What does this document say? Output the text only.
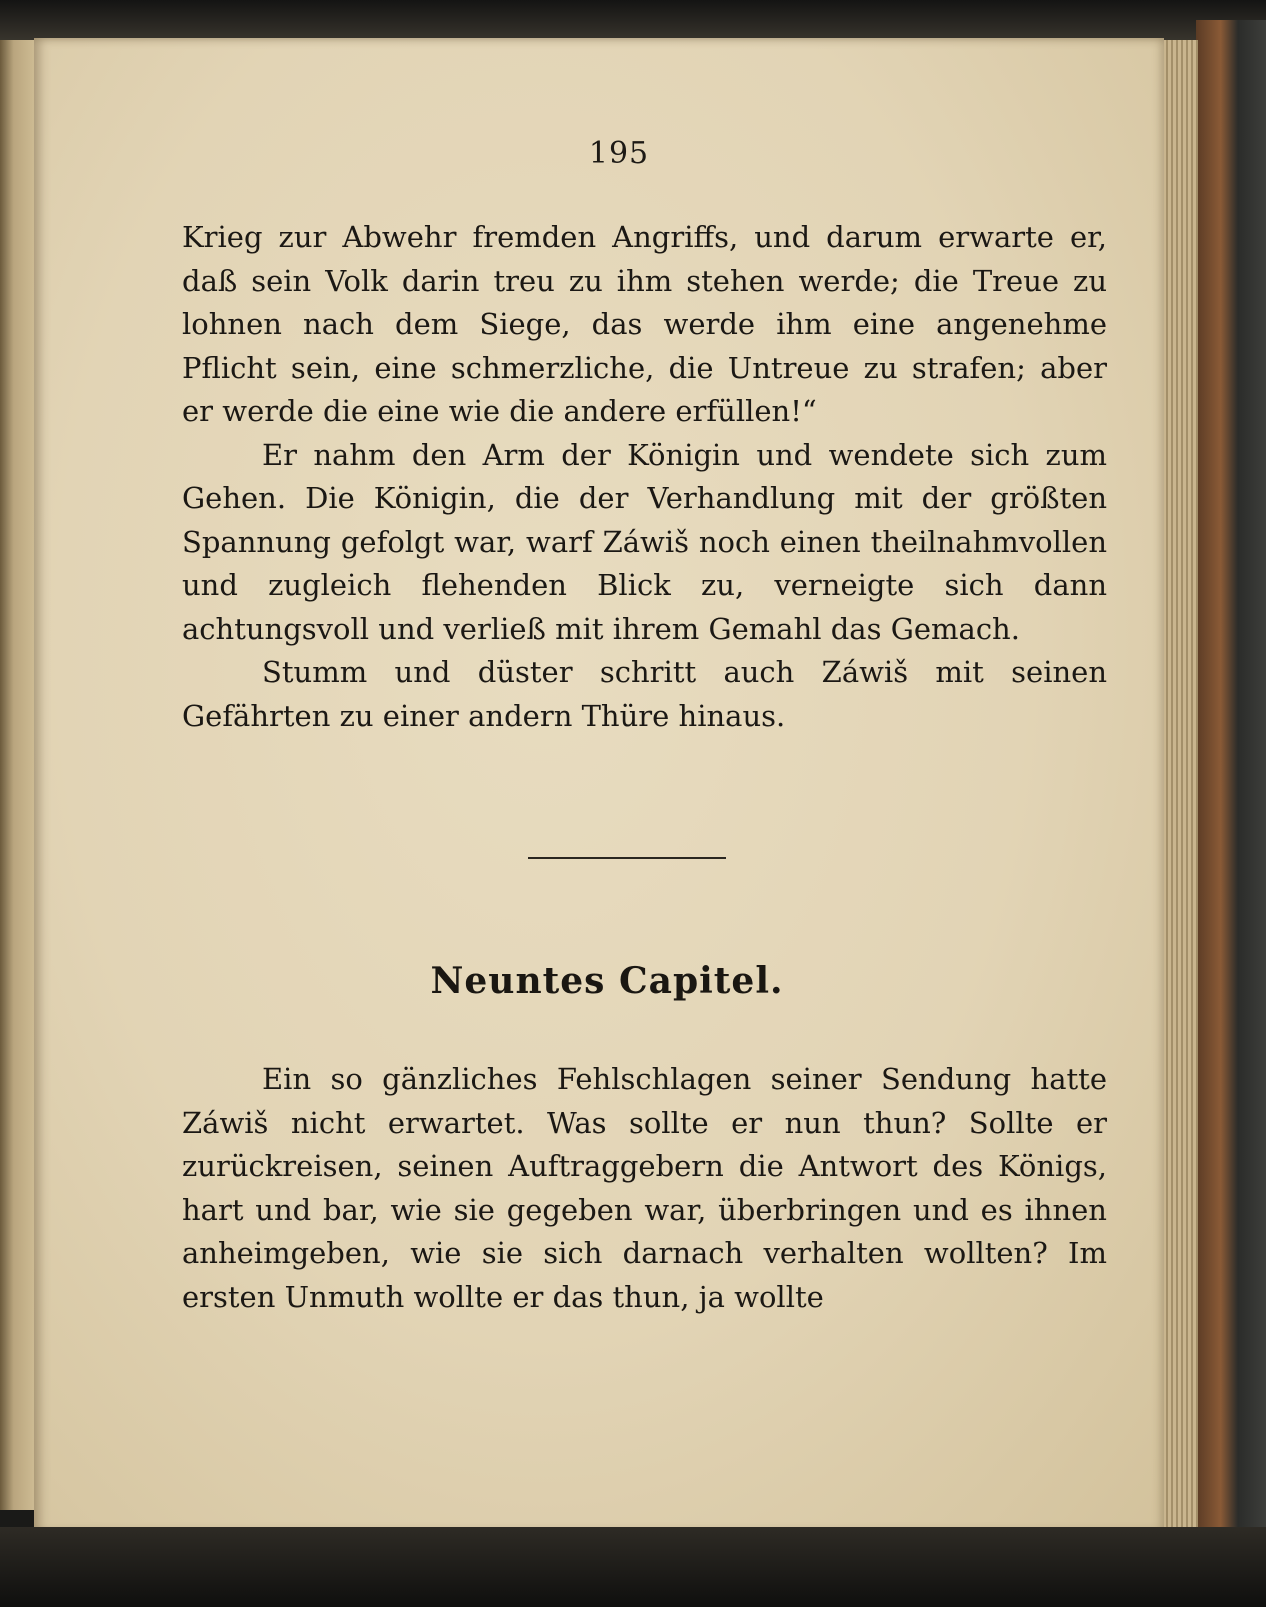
195

Krieg zur Abwehr fremden Angriffs, und darum erwarte er, daß sein Volk darin treu zu ihm stehen werde; die Treue zu lohnen nach dem Siege, das werde ihm eine angenehme Pflicht sein, eine schmerzliche, die Untreue zu strafen; aber er werde die eine wie die andere erfüllen!“

Er nahm den Arm der Königin und wendete sich zum Gehen. Die Königin, die der Verhandlung mit der größten Spannung gefolgt war, warf Záwiš noch einen theilnahmvollen und zugleich flehenden Blick zu, verneigte sich dann achtungsvoll und verließ mit ihrem Gemahl das Gemach.

Stumm und düster schritt auch Záwiš mit seinen Gefährten zu einer andern Thüre hinaus.

Neuntes Capitel.

Ein so gänzliches Fehlschlagen seiner Sendung hatte Záwiš nicht erwartet. Was sollte er nun thun? Sollte er zurückreisen, seinen Auftraggebern die Antwort des Königs, hart und bar, wie sie gegeben war, überbringen und es ihnen anheimgeben, wie sie sich darnach verhalten wollten? Im ersten Unmuth wollte er das thun, ja wollte
